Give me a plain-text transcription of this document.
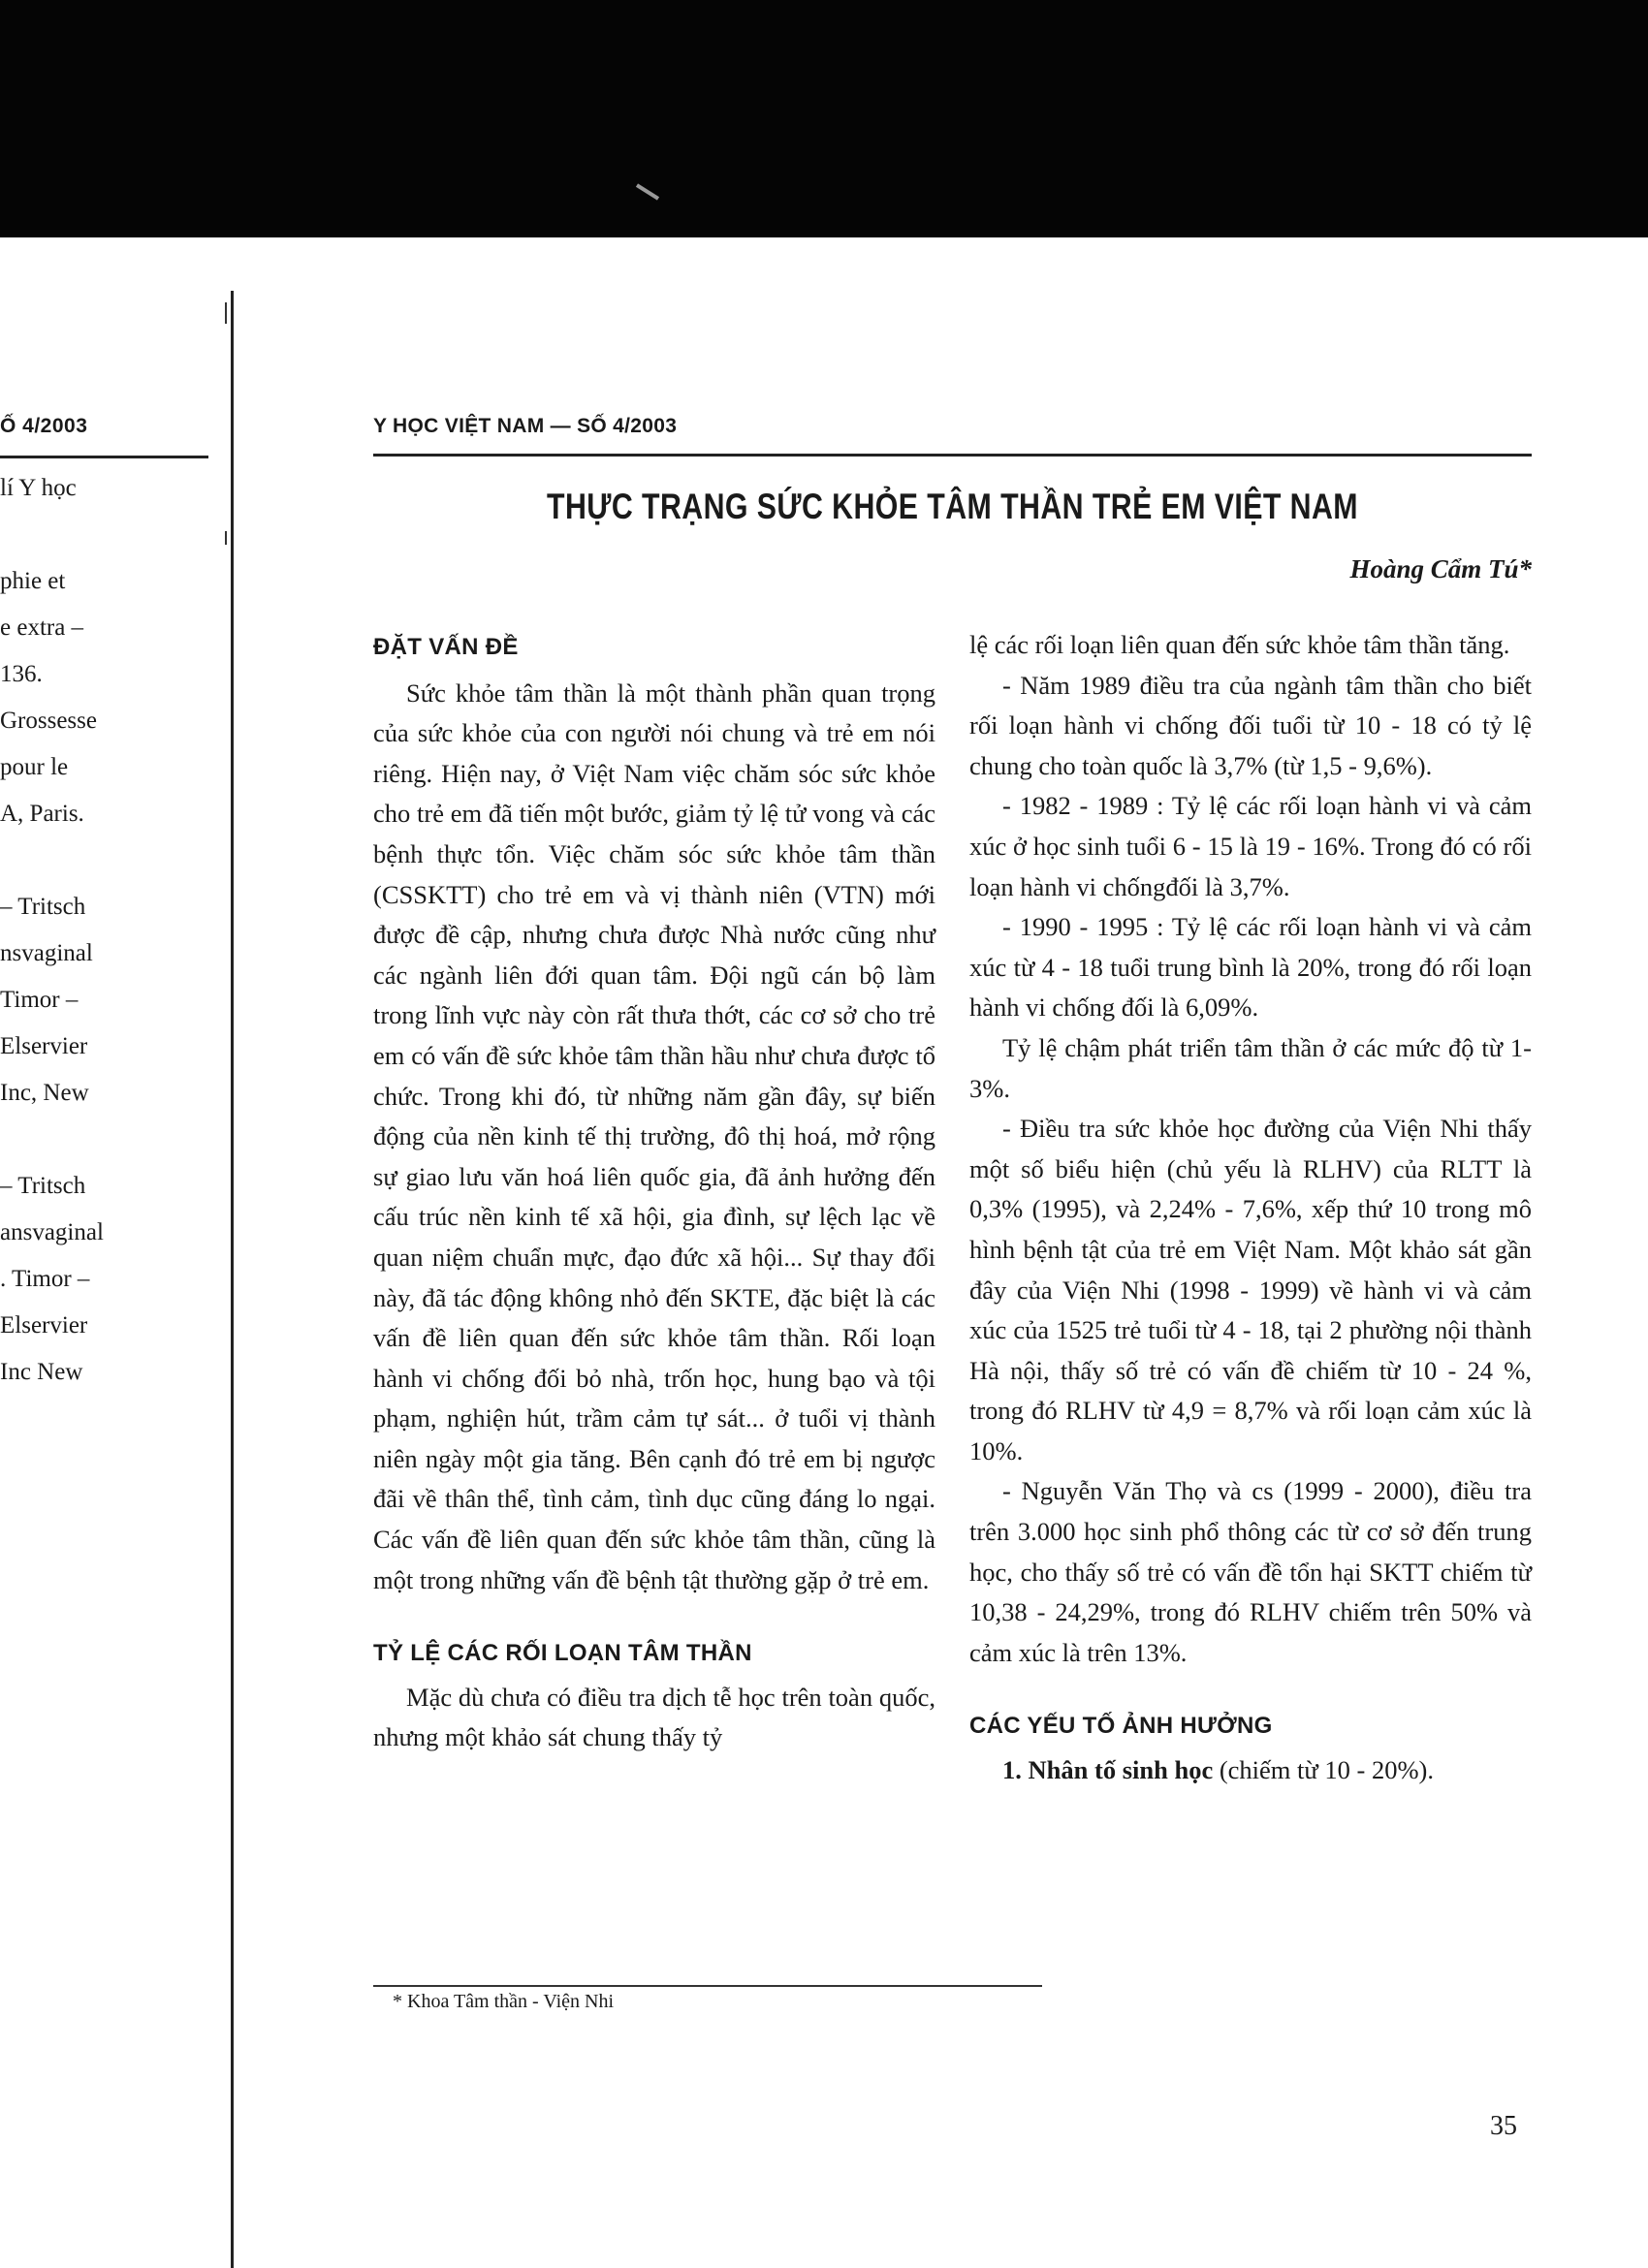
Ố 4/2003
lí Y học
phie et
e extra –
136.
Grossesse
pour le
A, Paris.
– Tritsch
nsvaginal
Timor –
Elservier
Inc, New
– Tritsch
ansvaginal
. Timor –
Elservier
Inc New
Y HỌC VIỆT NAM — SỐ 4/2003
THỰC TRẠNG SỨC KHỎE TÂM THẦN TRẺ EM VIỆT NAM
Hoàng Cẩm Tú*
ĐẶT VẤN ĐỀ

Sức khỏe tâm thần là một thành phần quan trọng của sức khỏe của con người nói chung và trẻ em nói riêng. Hiện nay, ở Việt Nam việc chăm sóc sức khỏe cho trẻ em đã tiến một bước, giảm tỷ lệ tử vong và các bệnh thực tổn. Việc chăm sóc sức khỏe tâm thần (CSSKTT) cho trẻ em và vị thành niên (VTN) mới được đề cập, nhưng chưa được Nhà nước cũng như các ngành liên đới quan tâm. Đội ngũ cán bộ làm trong lĩnh vực này còn rất thưa thớt, các cơ sở cho trẻ em có vấn đề sức khỏe tâm thần hầu như chưa được tổ chức. Trong khi đó, từ những năm gần đây, sự biến động của nền kinh tế thị trường, đô thị hoá, mở rộng sự giao lưu văn hoá liên quốc gia, đã ảnh hưởng đến cấu trúc nền kinh tế xã hội, gia đình, sự lệch lạc về quan niệm chuẩn mực, đạo đức xã hội... Sự thay đổi này, đã tác động không nhỏ đến SKTE, đặc biệt là các vấn đề liên quan đến sức khỏe tâm thần. Rối loạn hành vi chống đối bỏ nhà, trốn học, hung bạo và tội phạm, nghiện hút, trầm cảm tự sát... ở tuổi vị thành niên ngày một gia tăng. Bên cạnh đó trẻ em bị ngược đãi về thân thể, tình cảm, tình dục cũng đáng lo ngại. Các vấn đề liên quan đến sức khỏe tâm thần, cũng là một trong những vấn đề bệnh tật thường gặp ở trẻ em.

TỶ LỆ CÁC RỐI LOẠN TÂM THẦN

Mặc dù chưa có điều tra dịch tễ học trên toàn quốc, nhưng một khảo sát chung thấy tỷ

lệ các rối loạn liên quan đến sức khỏe tâm thần tăng.

- Năm 1989 điều tra của ngành tâm thần cho biết rối loạn hành vi chống đối tuổi từ 10 - 18 có tỷ lệ chung cho toàn quốc là 3,7% (từ 1,5 - 9,6%).

- 1982 - 1989 : Tỷ lệ các rối loạn hành vi và cảm xúc ở học sinh tuổi 6 - 15 là 19 - 16%. Trong đó có rối loạn hành vi chốngđối là 3,7%.

- 1990 - 1995 : Tỷ lệ các rối loạn hành vi và cảm xúc từ 4 - 18 tuổi trung bình là 20%, trong đó rối loạn hành vi chống đối là 6,09%.

Tỷ lệ chậm phát triển tâm thần ở các mức độ từ 1-3%.

- Điều tra sức khỏe học đường của Viện Nhi thấy một số biểu hiện (chủ yếu là RLHV) của RLTT là 0,3% (1995), và 2,24% - 7,6%, xếp thứ 10 trong mô hình bệnh tật của trẻ em Việt Nam. Một khảo sát gần đây của Viện Nhi (1998 - 1999) về hành vi và cảm xúc của 1525 trẻ tuổi từ 4 - 18, tại 2 phường nội thành Hà nội, thấy số trẻ có vấn đề chiếm từ 10 - 24 %, trong đó RLHV từ 4,9 = 8,7% và rối loạn cảm xúc là 10%.

- Nguyễn Văn Thọ và cs (1999 - 2000), điều tra trên 3.000 học sinh phổ thông các từ cơ sở đến trung học, cho thấy số trẻ có vấn đề tổn hại SKTT chiếm từ 10,38 - 24,29%, trong đó RLHV chiếm trên 50% và cảm xúc là trên 13%.

CÁC YẾU TỐ ẢNH HƯỞNG

1. Nhân tố sinh học (chiếm từ 10 - 20%).

* Khoa Tâm thần - Viện Nhi
35
